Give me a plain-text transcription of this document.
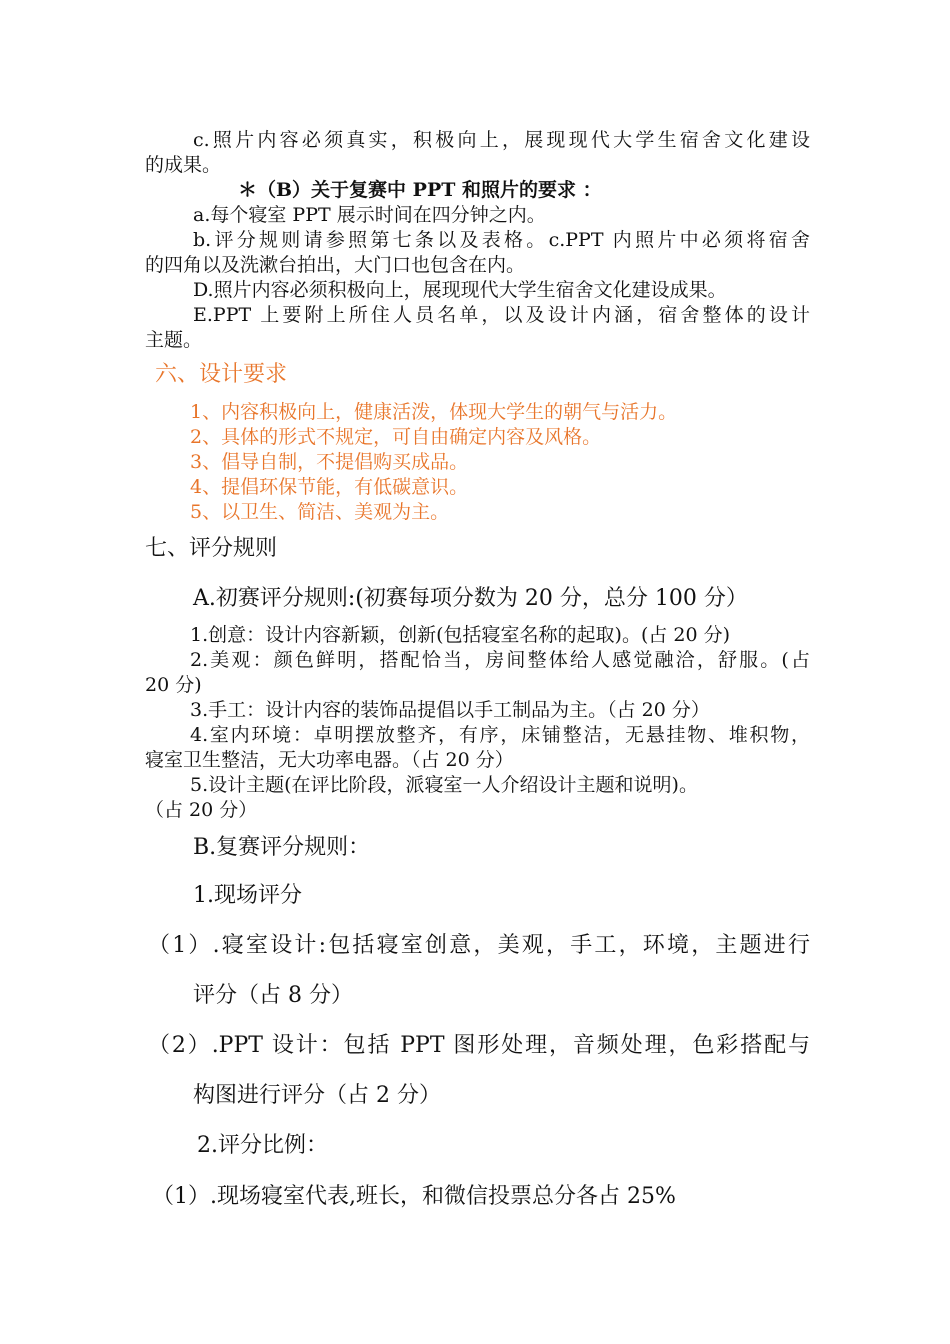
c.照片内容必须真实，积极向上，展现现代大学生宿舍文化建设
的成果。
＊（B）关于复赛中 PPT 和照片的要求 ：
a.每个寝室 PPT 展示时间在四分钟之内。
b.评分规则请参照第七条以及表格。c.PPT 内照片中必须将宿舍
的四角以及洗漱台拍出，大门口也包含在内。
D.照片内容必须积极向上，展现现代大学生宿舍文化建设成果。
E.PPT 上要附上所住人员名单，以及设计内涵，宿舍整体的设计
主题。
六、设计要求
1、内容积极向上，健康活泼，体现大学生的朝气与活力。
2、具体的形式不规定，可自由确定内容及风格。
3、倡导自制，不提倡购买成品。
4、提倡环保节能，有低碳意识。
5、以卫生、简洁、美观为主。
七、评分规则
A.初赛评分规则:(初赛每项分数为 20 分，总分 100 分）
1.创意：设计内容新颖，创新(包括寝室名称的起取)。(占 20 分)
2.美观：颜色鲜明，搭配恰当，房间整体给人感觉融洽，舒服。(占
20 分)
3.手工：设计内容的装饰品提倡以手工制品为主。（占 20 分）
4.室内环境：卓明摆放整齐，有序，床铺整洁，无悬挂物、堆积物，
寝室卫生整洁，无大功率电器。（占 20 分）
5.设计主题(在评比阶段，派寝室一人介绍设计主题和说明)。
（占 20 分）
B.复赛评分规则：
1.现场评分
（1）.寝室设计:包括寝室创意，美观，手工，环境，主题进行
评分（占 8 分）
（2）.PPT 设计：包括 PPT 图形处理，音频处理，色彩搭配与
构图进行评分（占 2 分）
2.评分比例：
（1）.现场寝室代表,班长，和微信投票总分各占 25%
